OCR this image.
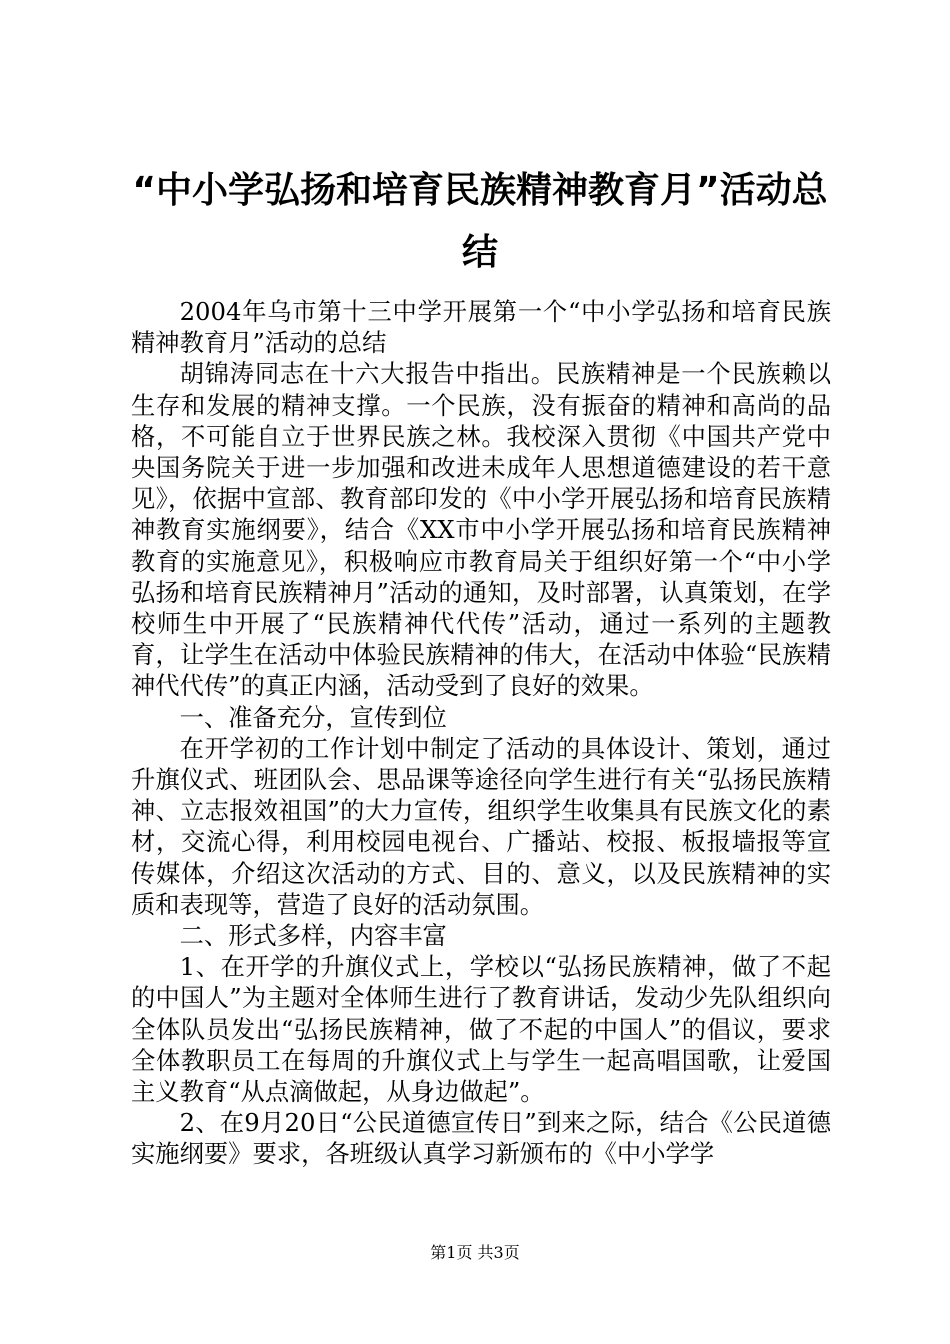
“中小学弘扬和培育民族精神教育月”活动总结

2004年乌市第十三中学开展第一个“中小学弘扬和培育民族精神教育月”活动的总结

胡锦涛同志在十六大报告中指出。民族精神是一个民族赖以生存和发展的精神支撑。一个民族，没有振奋的精神和高尚的品格，不可能自立于世界民族之林。我校深入贯彻《中国共产党中央国务院关于进一步加强和改进未成年人思想道德建设的若干意见》，依据中宣部、教育部印发的《中小学开展弘扬和培育民族精神教育实施纲要》，结合《XX市中小学开展弘扬和培育民族精神教育的实施意见》，积极响应市教育局关于组织好第一个“中小学弘扬和培育民族精神月”活动的通知，及时部署，认真策划，在学校师生中开展了“民族精神代代传”活动，通过一系列的主题教育，让学生在活动中体验民族精神的伟大，在活动中体验“民族精神代代传”的真正内涵，活动受到了良好的效果。

一、准备充分，宣传到位

在开学初的工作计划中制定了活动的具体设计、策划，通过升旗仪式、班团队会、思品课等途径向学生进行有关“弘扬民族精神、立志报效祖国”的大力宣传，组织学生收集具有民族文化的素材，交流心得，利用校园电视台、广播站、校报、板报墙报等宣传媒体，介绍这次活动的方式、目的、意义，以及民族精神的实质和表现等，营造了良好的活动氛围。

二、形式多样，内容丰富

1、在开学的升旗仪式上，学校以“弘扬民族精神，做了不起的中国人”为主题对全体师生进行了教育讲话，发动少先队组织向全体队员发出“弘扬民族精神，做了不起的中国人”的倡议，要求全体教职员工在每周的升旗仪式上与学生一起高唱国歌，让爱国主义教育“从点滴做起，从身边做起”。

2、在9月20日“公民道德宣传日”到来之际，结合《公民道德实施纲要》要求，各班级认真学习新颁布的《中小学学

第1页 共3页
